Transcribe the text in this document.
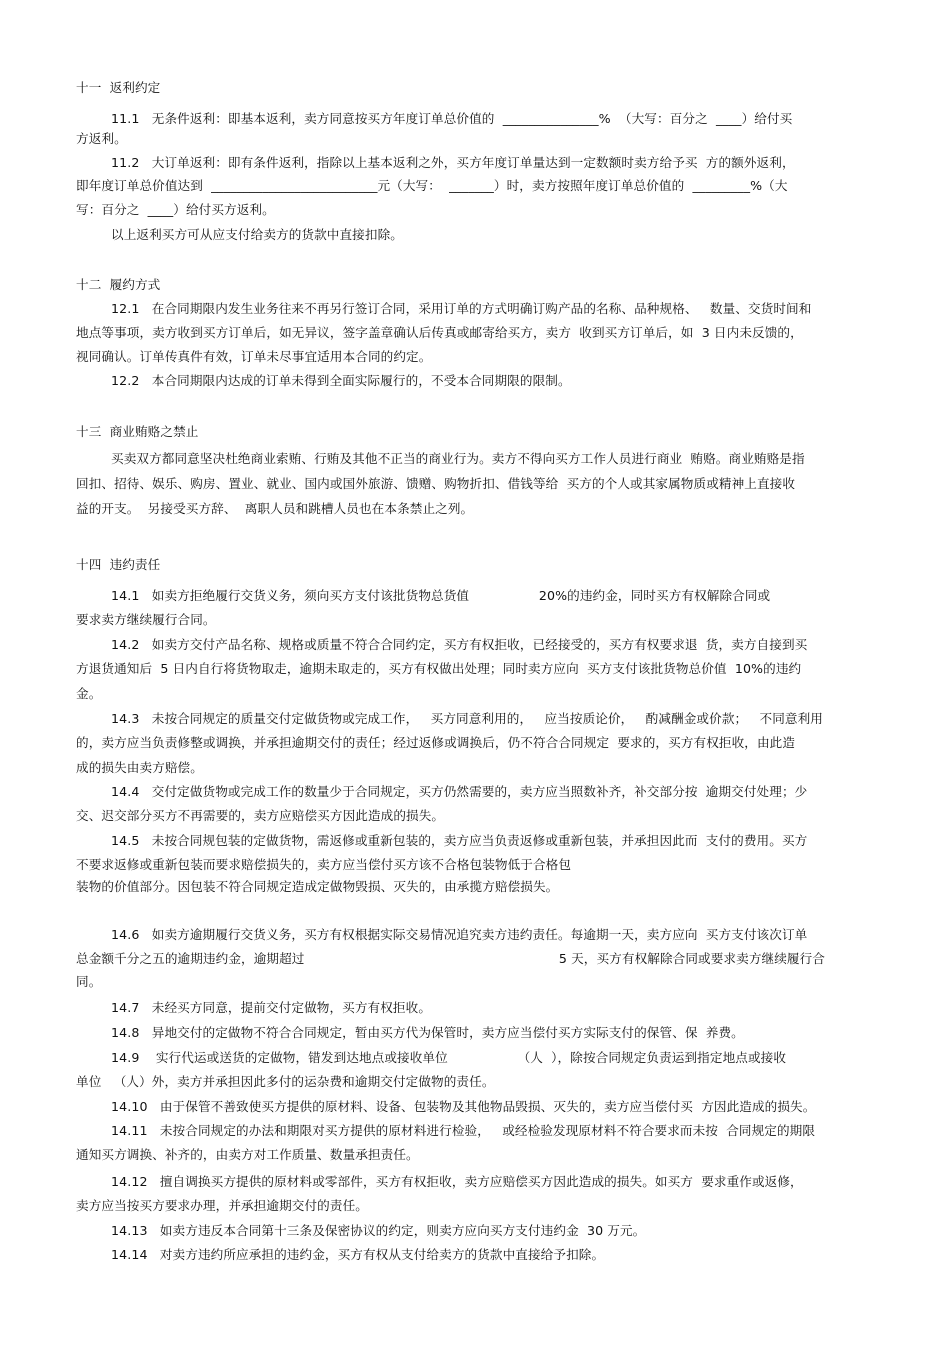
十一  返利约定
11.1   无条件返利：即基本返利，卖方同意按买方年度订单总价值的  _______________%  （大写：百分之  ____）给付买
方返利。
11.2   大订单返利：即有条件返利，指除以上基本返利之外，买方年度订单量达到一定数额时卖方给予买  方的额外返利，
即年度订单总价值达到  __________________________元（大写：  _______）时，卖方按照年度订单总价值的  _________%（大
写：百分之  ____）给付买方返利。
以上返利买方可从应支付给卖方的货款中直接扣除。
十二  履约方式
12.1   在合同期限内发生业务往来不再另行签订合同，采用订单的方式明确订购产品的名称、品种规格、   数量、交货时间和
地点等事项，卖方收到买方订单后，如无异议，签字盖章确认后传真或邮寄给买方，卖方  收到买方订单后，如  3 日内未反馈的，
视同确认。订单传真件有效，订单未尽事宜适用本合同的约定。
12.2   本合同期限内达成的订单未得到全面实际履行的，不受本合同期限的限制。
十三  商业贿赂之禁止
买卖双方都同意坚决杜绝商业索贿、行贿及其他不正当的商业行为。卖方不得向买方工作人员进行商业  贿赂。商业贿赂是指
回扣、招待、娱乐、购房、置业、就业、国内或国外旅游、馈赠、购物折扣、借钱等给  买方的个人或其家属物质或精神上直接收
益的开支。  另接受买方辞、  离职人员和跳槽人员也在本条禁止之列。
十四  违约责任
14.1   如卖方拒绝履行交货义务，须向买方支付该批货物总货值                 20%的违约金，同时买方有权解除合同或
要求卖方继续履行合同。
14.2   如卖方交付产品名称、规格或质量不符合合同约定，买方有权拒收，已经接受的，买方有权要求退  货，卖方自接到买
方退货通知后  5 日内自行将货物取走，逾期未取走的，买方有权做出处理；同时卖方应向  买方支付该批货物总价值  10%的违约
金。
14.3   未按合同规定的质量交付定做货物或完成工作，   买方同意利用的，   应当按质论价，   酌减酬金或价款；   不同意利用
的，卖方应当负责修整或调换，并承担逾期交付的责任；经过返修或调换后，仍不符合合同规定  要求的，买方有权拒收，由此造
成的损失由卖方赔偿。
14.4   交付定做货物或完成工作的数量少于合同规定，买方仍然需要的，卖方应当照数补齐，补交部分按  逾期交付处理；少
交、迟交部分买方不再需要的，卖方应赔偿买方因此造成的损失。
14.5   未按合同规包装的定做货物，需返修或重新包装的，卖方应当负责返修或重新包装，并承担因此而  支付的费用。买方
不要求返修或重新包装而要求赔偿损失的，卖方应当偿付买方该不合格包装物低于合格包
装物的价值部分。因包装不符合同规定造成定做物毁损、灭失的，由承揽方赔偿损失。
14.6   如卖方逾期履行交货义务，买方有权根据实际交易情况追究卖方违约责任。每逾期一天，卖方应向  买方支付该次订单
总金额千分之五的逾期违约金，逾期超过                                                              5 天，买方有权解除合同或要求卖方继续履行合
同。
14.7   未经买方同意，提前交付定做物，买方有权拒收。
14.8   异地交付的定做物不符合合同规定，暂由买方代为保管时，卖方应当偿付买方实际支付的保管、保  养费。
14.9    实行代运或送货的定做物，错发到达地点或接收单位                 （人  ），除按合同规定负责运到指定地点或接收
单位   （人）外，卖方并承担因此多付的运杂费和逾期交付定做物的责任。
14.10   由于保管不善致使买方提供的原材料、设备、包装物及其他物品毁损、灭失的，卖方应当偿付买  方因此造成的损失。
14.11   未按合同规定的办法和期限对买方提供的原材料进行检验，   或经检验发现原材料不符合要求而未按  合同规定的期限
通知买方调换、补齐的，由卖方对工作质量、数量承担责任。
14.12   擅自调换买方提供的原材料或零部件，买方有权拒收，卖方应赔偿买方因此造成的损失。如买方  要求重作或返修，
卖方应当按买方要求办理，并承担逾期交付的责任。
14.13   如卖方违反本合同第十三条及保密协议的约定，则卖方应向买方支付违约金  30 万元。
14.14   对卖方违约所应承担的违约金，买方有权从支付给卖方的货款中直接给予扣除。
